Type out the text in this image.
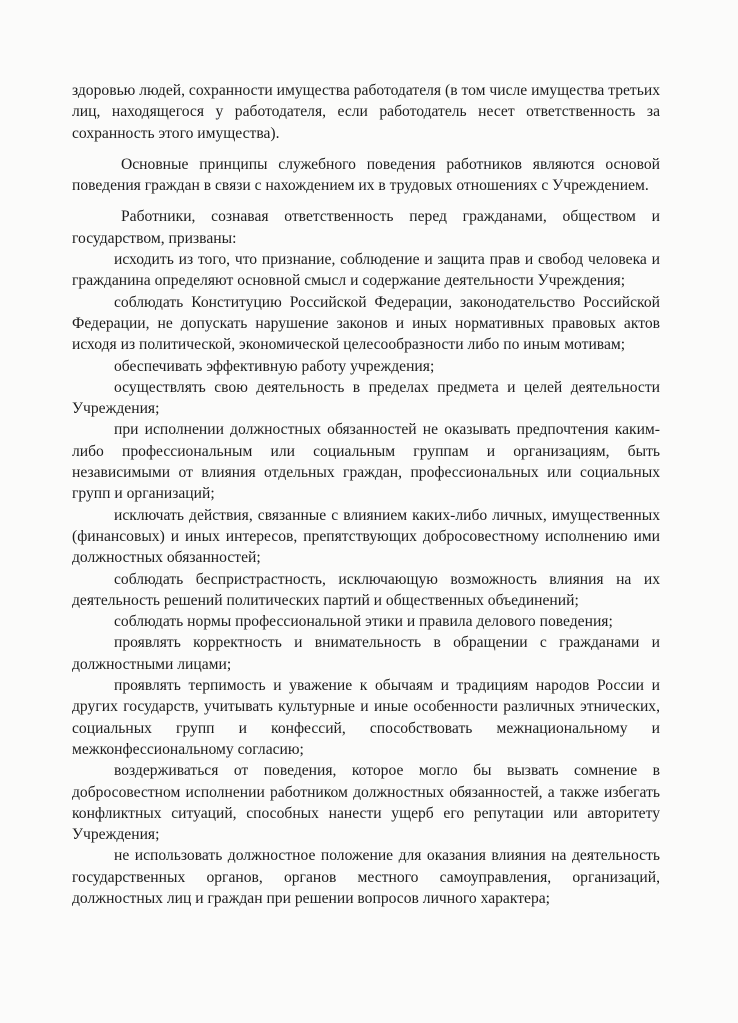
здоровью людей, сохранности имущества работодателя (в том числе имущества третьих лиц, находящегося у работодателя, если работодатель несет ответственность за сохранность этого имущества).

Основные принципы служебного поведения работников являются основой поведения граждан в связи с нахождением их в трудовых отношениях с Учреждением.

Работники, сознавая ответственность перед гражданами, обществом и государством, призваны:

исходить из того, что признание, соблюдение и защита прав и свобод человека и гражданина определяют основной смысл и содержание деятельности Учреждения;

соблюдать Конституцию Российской Федерации, законодательство Российской Федерации, не допускать нарушение законов и иных нормативных правовых актов исходя из политической, экономической целесообразности либо по иным мотивам;

обеспечивать эффективную работу учреждения;

осуществлять свою деятельность в пределах предмета и целей деятельности Учреждения;

при исполнении должностных обязанностей не оказывать предпочтения каким-либо профессиональным или социальным группам и организациям, быть независимыми от влияния отдельных граждан, профессиональных или социальных групп и организаций;

исключать действия, связанные с влиянием каких-либо личных, имущественных (финансовых) и иных интересов, препятствующих добросовестному исполнению ими должностных обязанностей;

соблюдать беспристрастность, исключающую возможность влияния на их деятельность решений политических партий и общественных объединений;

соблюдать нормы профессиональной этики и правила делового поведения;

проявлять корректность и внимательность в обращении с гражданами и должностными лицами;

проявлять терпимость и уважение к обычаям и традициям народов России и других государств, учитывать культурные и иные особенности различных этнических, социальных групп и конфессий, способствовать межнациональному и межконфессиональному согласию;

воздерживаться от поведения, которое могло бы вызвать сомнение в добросовестном исполнении работником должностных обязанностей, а также избегать конфликтных ситуаций, способных нанести ущерб его репутации или авторитету Учреждения;

не использовать должностное положение для оказания влияния на деятельность государственных органов, органов местного самоуправления, организаций, должностных лиц и граждан при решении вопросов личного характера;
